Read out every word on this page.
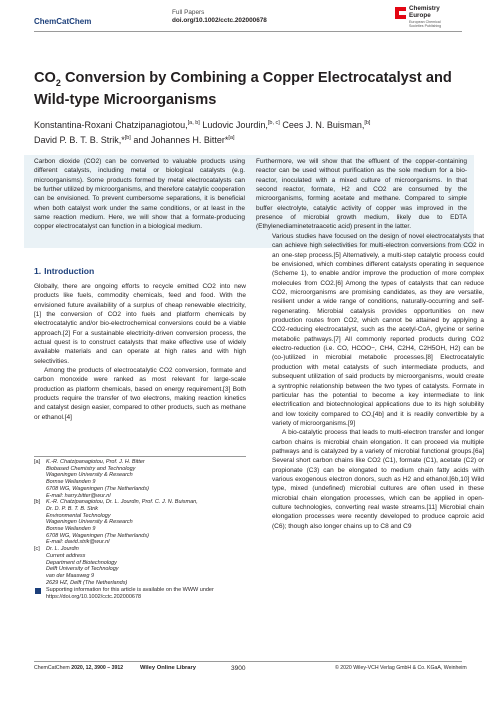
ChemCatChem
Full Papers
doi.org/10.1002/cctc.202000678
Chemistry
Europe
European Chemical
Societies Publishing
$CO_2$ Conversion by Combining a Copper Electrocatalyst and Wild-type Microorganisms
Konstantina-Roxani Chatzipanagiotou,[a, b] Ludovic Jourdin,[b, c] Cees J. N. Buisman,[b]
David P. B. T. B. Strik,*[b] and Johannes H. Bitter*[a]
Carbon dioxide (CO2) can be converted to valuable products using different catalysts, including metal or biological catalysts (e.g. microorganisms). Some products formed by metal electrocatalysts can be further utilized by microorganisms, and therefore catalytic cooperation can be envisioned. To prevent cumbersome separations, it is beneficial when both catalyst work under the same conditions, or at least in the same reaction medium. Here, we will show that a formate-producing copper electrocatalyst can function in a biological medium.
Furthermore, we will show that the effluent of the copper-containing reactor can be used without purification as the sole medium for a bio-reactor, inoculated with a mixed culture of microorganisms. In that second reactor, formate, H2 and CO2 are consumed by the microorganisms, forming acetate and methane. Compared to simple buffer electrolyte, catalytic activity of copper was improved in the presence of microbial growth medium, likely due to EDTA (Ethylenediaminetetraacetic acid) present in the latter.
1. Introduction

Globally, there are ongoing efforts to recycle emitted CO2 into new products like fuels, commodity chemicals, feed and food. With the envisioned future availability of a surplus of cheap renewable electricity,[1] the conversion of CO2 into fuels and platform chemicals by electrocatalytic and/or bio-electrochemical conversions could be a viable approach.[2] For a sustainable electricity-driven conversion process, the actual quest is to construct catalysts that make effective use of widely available materials and can operate at high rates and with high selectivities.

Among the products of electrocatalytic CO2 conversion, formate and carbon monoxide were ranked as most relevant for large-scale production as platform chemicals, based on energy requirement.[3] Both products require the transfer of two electrons, making reaction kinetics and catalyst design easier, compared to other products, such as methane or ethanol.[4]

[a] K.-R. Chatzipanagiotou, Prof. J. H. Bitter
Biobased Chemistry and Technology
Wageningen University & Research
Bornse Weilanden 9
6708 WG, Wageningen (The Netherlands)
E-mail: harry.bitter@wur.nl
[b] K.-R. Chatzipanagiotou, Dr. L. Jourdin, Prof. C. J. N. Buisman,
Dr. D. P. B. T. B. Strik
Environmental Technology
Wageningen University & Research
Bornse Weilanden 9
6708 WG, Wageningen (The Netherlands)
E-mail: david.strik@wur.nl
[c] Dr. L. Jourdin
Current address
Department of Biotechnology
Delft University of Technology
van der Maasweg 9
2629 HZ, Delft (The Netherlands)
Supporting information for this article is available on the WWW under https://doi.org/10.1002/cctc.202000678

Various studies have focused on the design of novel electrocatalysts that can achieve high selectivities for multi-electron conversions from CO2 in an one-step process.[5] Alternatively, a multi-step catalytic process could be envisioned, which combines different catalysts operating in sequence (Scheme 1), to enable and/or improve the production of more complex molecules from CO2.[6] Among the types of catalysts that can reduce CO2, microorganisms are promising candidates, as they are versatile, resilient under a wide range of conditions, naturally-occurring and self-regenerating. Microbial catalysis provides opportunities on new production routes from CO2, which cannot be attained by applying a CO2-reducing electrocatalyst, such as the acetyl-CoA, glycine or serine metabolic pathways.[7] All commonly reported products during CO2 electro-reduction (i.e. CO, HCOO−, CH4, C2H4, C2H5OH, H2) can be (co-)utilized in microbial metabolic processes.[8] Electrocatalytic production with metal catalysts of such intermediate products, and subsequent utilization of said products by microorganisms, would create a syntrophic relationship between the two types of catalysts. Formate in particular has the potential to become a key intermediate to link electrification and biotechnological applications due to its high solubility and low toxicity compared to CO,[4b] and it is readily convertible by a variety of microorganisms.[9]

A bio-catalytic process that leads to multi-electron transfer and longer carbon chains is microbial chain elongation. It can proceed via multiple pathways and is catalyzed by a variety of microbial functional groups.[6a] Several short carbon chains like CO2 (C1), formate (C1), acetate (C2) or propionate (C3) can be elongated to medium chain fatty acids with various exogenous electron donors, such as H2 and ethanol.[6b,10] Wild type, mixed (undefined) microbial cultures are often used in these microbial chain elongation processes, which can be applied in open-culture technologies, converting real waste streams.[11] Microbial chain elongation processes were recently developed to produce caproic acid (C6); though also longer chains up to C8 and C9

ChemCatChem 2020, 12, 3900 – 3912	Wiley Online Library	3900	© 2020 Wiley-VCH Verlag GmbH & Co. KGaA, Weinheim
